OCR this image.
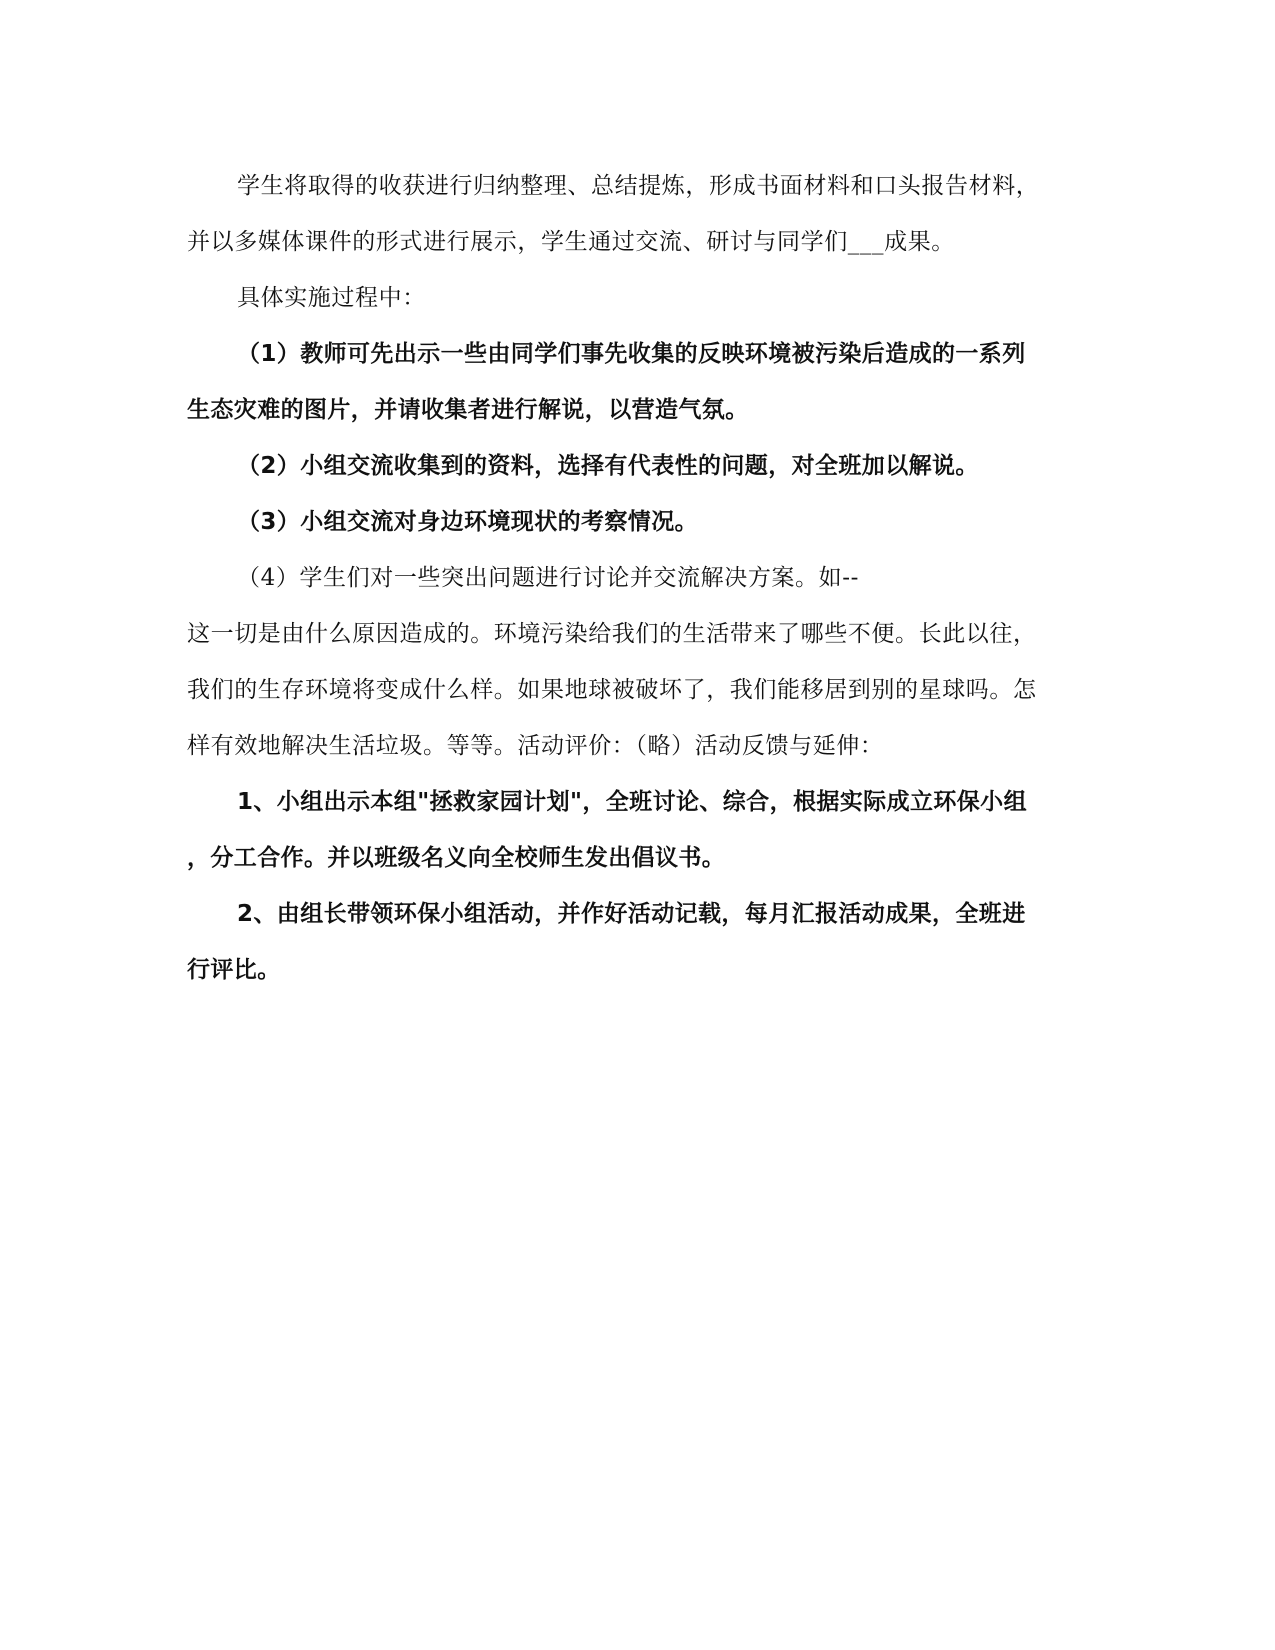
学生将取得的收获进行归纳整理、总结提炼，形成书面材料和口头报告材料，
并以多媒体课件的形式进行展示，学生通过交流、研讨与同学们___成果。
具体实施过程中：
（1）教师可先出示一些由同学们事先收集的反映环境被污染后造成的一系列
生态灾难的图片，并请收集者进行解说，以营造气氛。
（2）小组交流收集到的资料，选择有代表性的问题，对全班加以解说。
（3）小组交流对身边环境现状的考察情况。
（4）学生们对一些突出问题进行讨论并交流解决方案。如--
这一切是由什么原因造成的。环境污染给我们的生活带来了哪些不便。长此以往，
我们的生存环境将变成什么样。如果地球被破坏了，我们能移居到别的星球吗。怎
样有效地解决生活垃圾。等等。活动评价：（略）活动反馈与延伸：
1、小组出示本组"拯救家园计划"，全班讨论、综合，根据实际成立环保小组
，分工合作。并以班级名义向全校师生发出倡议书。
2、由组长带领环保小组活动，并作好活动记载，每月汇报活动成果，全班进
行评比。
